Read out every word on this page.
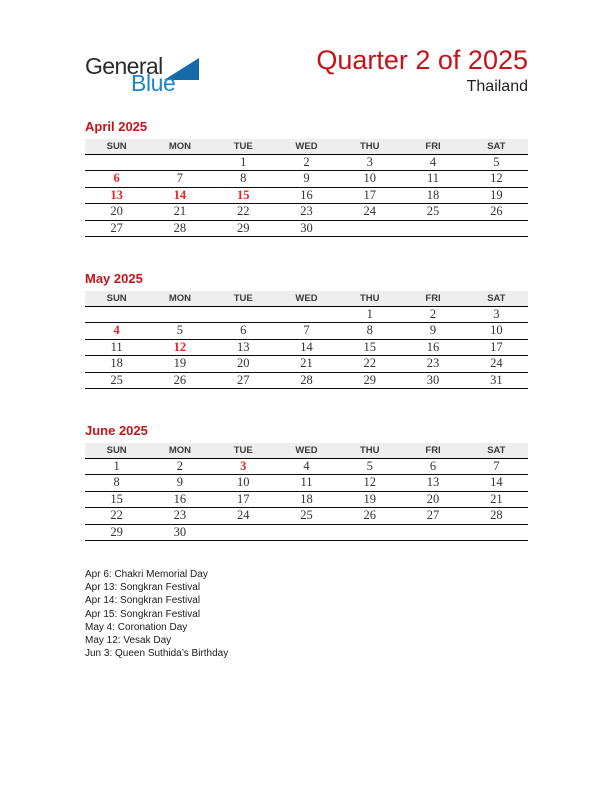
General
Blue
Quarter 2 of 2025
Thailand
April 2025
SUN	MON	TUE	WED	THU	FRI	SAT
		1	2	3	4	5
6	7	8	9	10	11	12
13	14	15	16	17	18	19
20	21	22	23	24	25	26
27	28	29	30			
May 2025
SUN	MON	TUE	WED	THU	FRI	SAT
				1	2	3
4	5	6	7	8	9	10
11	12	13	14	15	16	17
18	19	20	21	22	23	24
25	26	27	28	29	30	31
June 2025
SUN	MON	TUE	WED	THU	FRI	SAT
1	2	3	4	5	6	7
8	9	10	11	12	13	14
15	16	17	18	19	20	21
22	23	24	25	26	27	28
29	30					
Apr 6: Chakri Memorial Day
Apr 13: Songkran Festival
Apr 14: Songkran Festival
Apr 15: Songkran Festival
May 4: Coronation Day
May 12: Vesak Day
Jun 3: Queen Suthida’s Birthday
